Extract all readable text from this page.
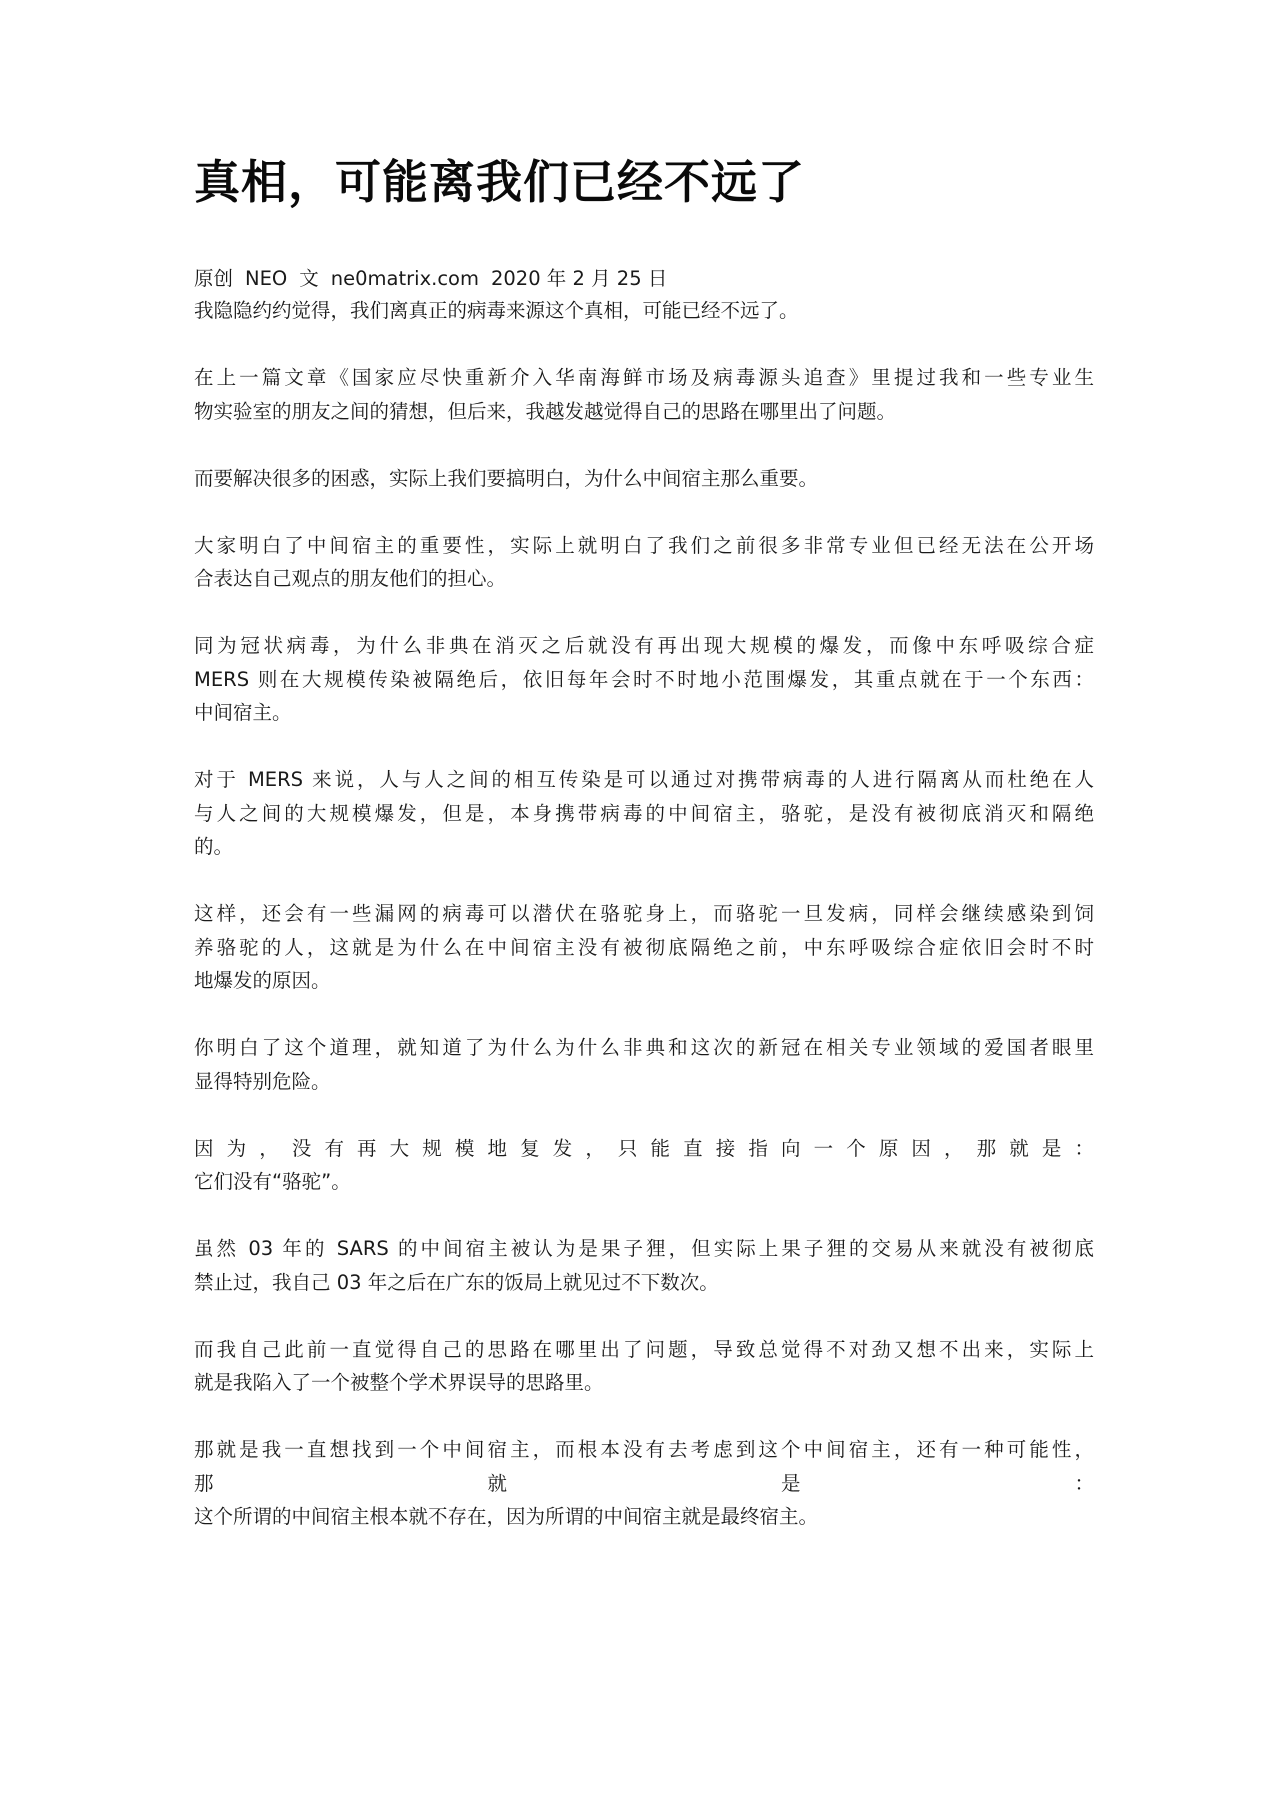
真相，可能离我们已经不远了
原创 NEO 文 ne0matrix.com 2020 年 2 月 25 日

我隐隐约约觉得，我们离真正的病毒来源这个真相，可能已经不远了。

在上一篇文章《国家应尽快重新介入华南海鲜市场及病毒源头追查》里提过我和一些专业生
物实验室的朋友之间的猜想，但后来，我越发越觉得自己的思路在哪里出了问题。

而要解决很多的困惑，实际上我们要搞明白，为什么中间宿主那么重要。

大家明白了中间宿主的重要性，实际上就明白了我们之前很多非常专业但已经无法在公开场
合表达自己观点的朋友他们的担心。

同为冠状病毒，为什么非典在消灭之后就没有再出现大规模的爆发，而像中东呼吸综合症
MERS 则在大规模传染被隔绝后，依旧每年会时不时地小范围爆发，其重点就在于一个东西：
中间宿主。

对于 MERS 来说，人与人之间的相互传染是可以通过对携带病毒的人进行隔离从而杜绝在人
与人之间的大规模爆发，但是，本身携带病毒的中间宿主，骆驼，是没有被彻底消灭和隔绝
的。

这样，还会有一些漏网的病毒可以潜伏在骆驼身上，而骆驼一旦发病，同样会继续感染到饲
养骆驼的人，这就是为什么在中间宿主没有被彻底隔绝之前，中东呼吸综合症依旧会时不时
地爆发的原因。

你明白了这个道理，就知道了为什么为什么非典和这次的新冠在相关专业领域的爱国者眼里
显得特别危险。

因为，没有再大规模地复发，只能直接指向一个原因，那就是：
它们没有“骆驼”。

虽然 03 年的 SARS 的中间宿主被认为是果子狸，但实际上果子狸的交易从来就没有被彻底
禁止过，我自己 03 年之后在广东的饭局上就见过不下数次。

而我自己此前一直觉得自己的思路在哪里出了问题，导致总觉得不对劲又想不出来，实际上
就是我陷入了一个被整个学术界误导的思路里。

那就是我一直想找到一个中间宿主，而根本没有去考虑到这个中间宿主，还有一种可能性，
那就是：
这个所谓的中间宿主根本就不存在，因为所谓的中间宿主就是最终宿主。
